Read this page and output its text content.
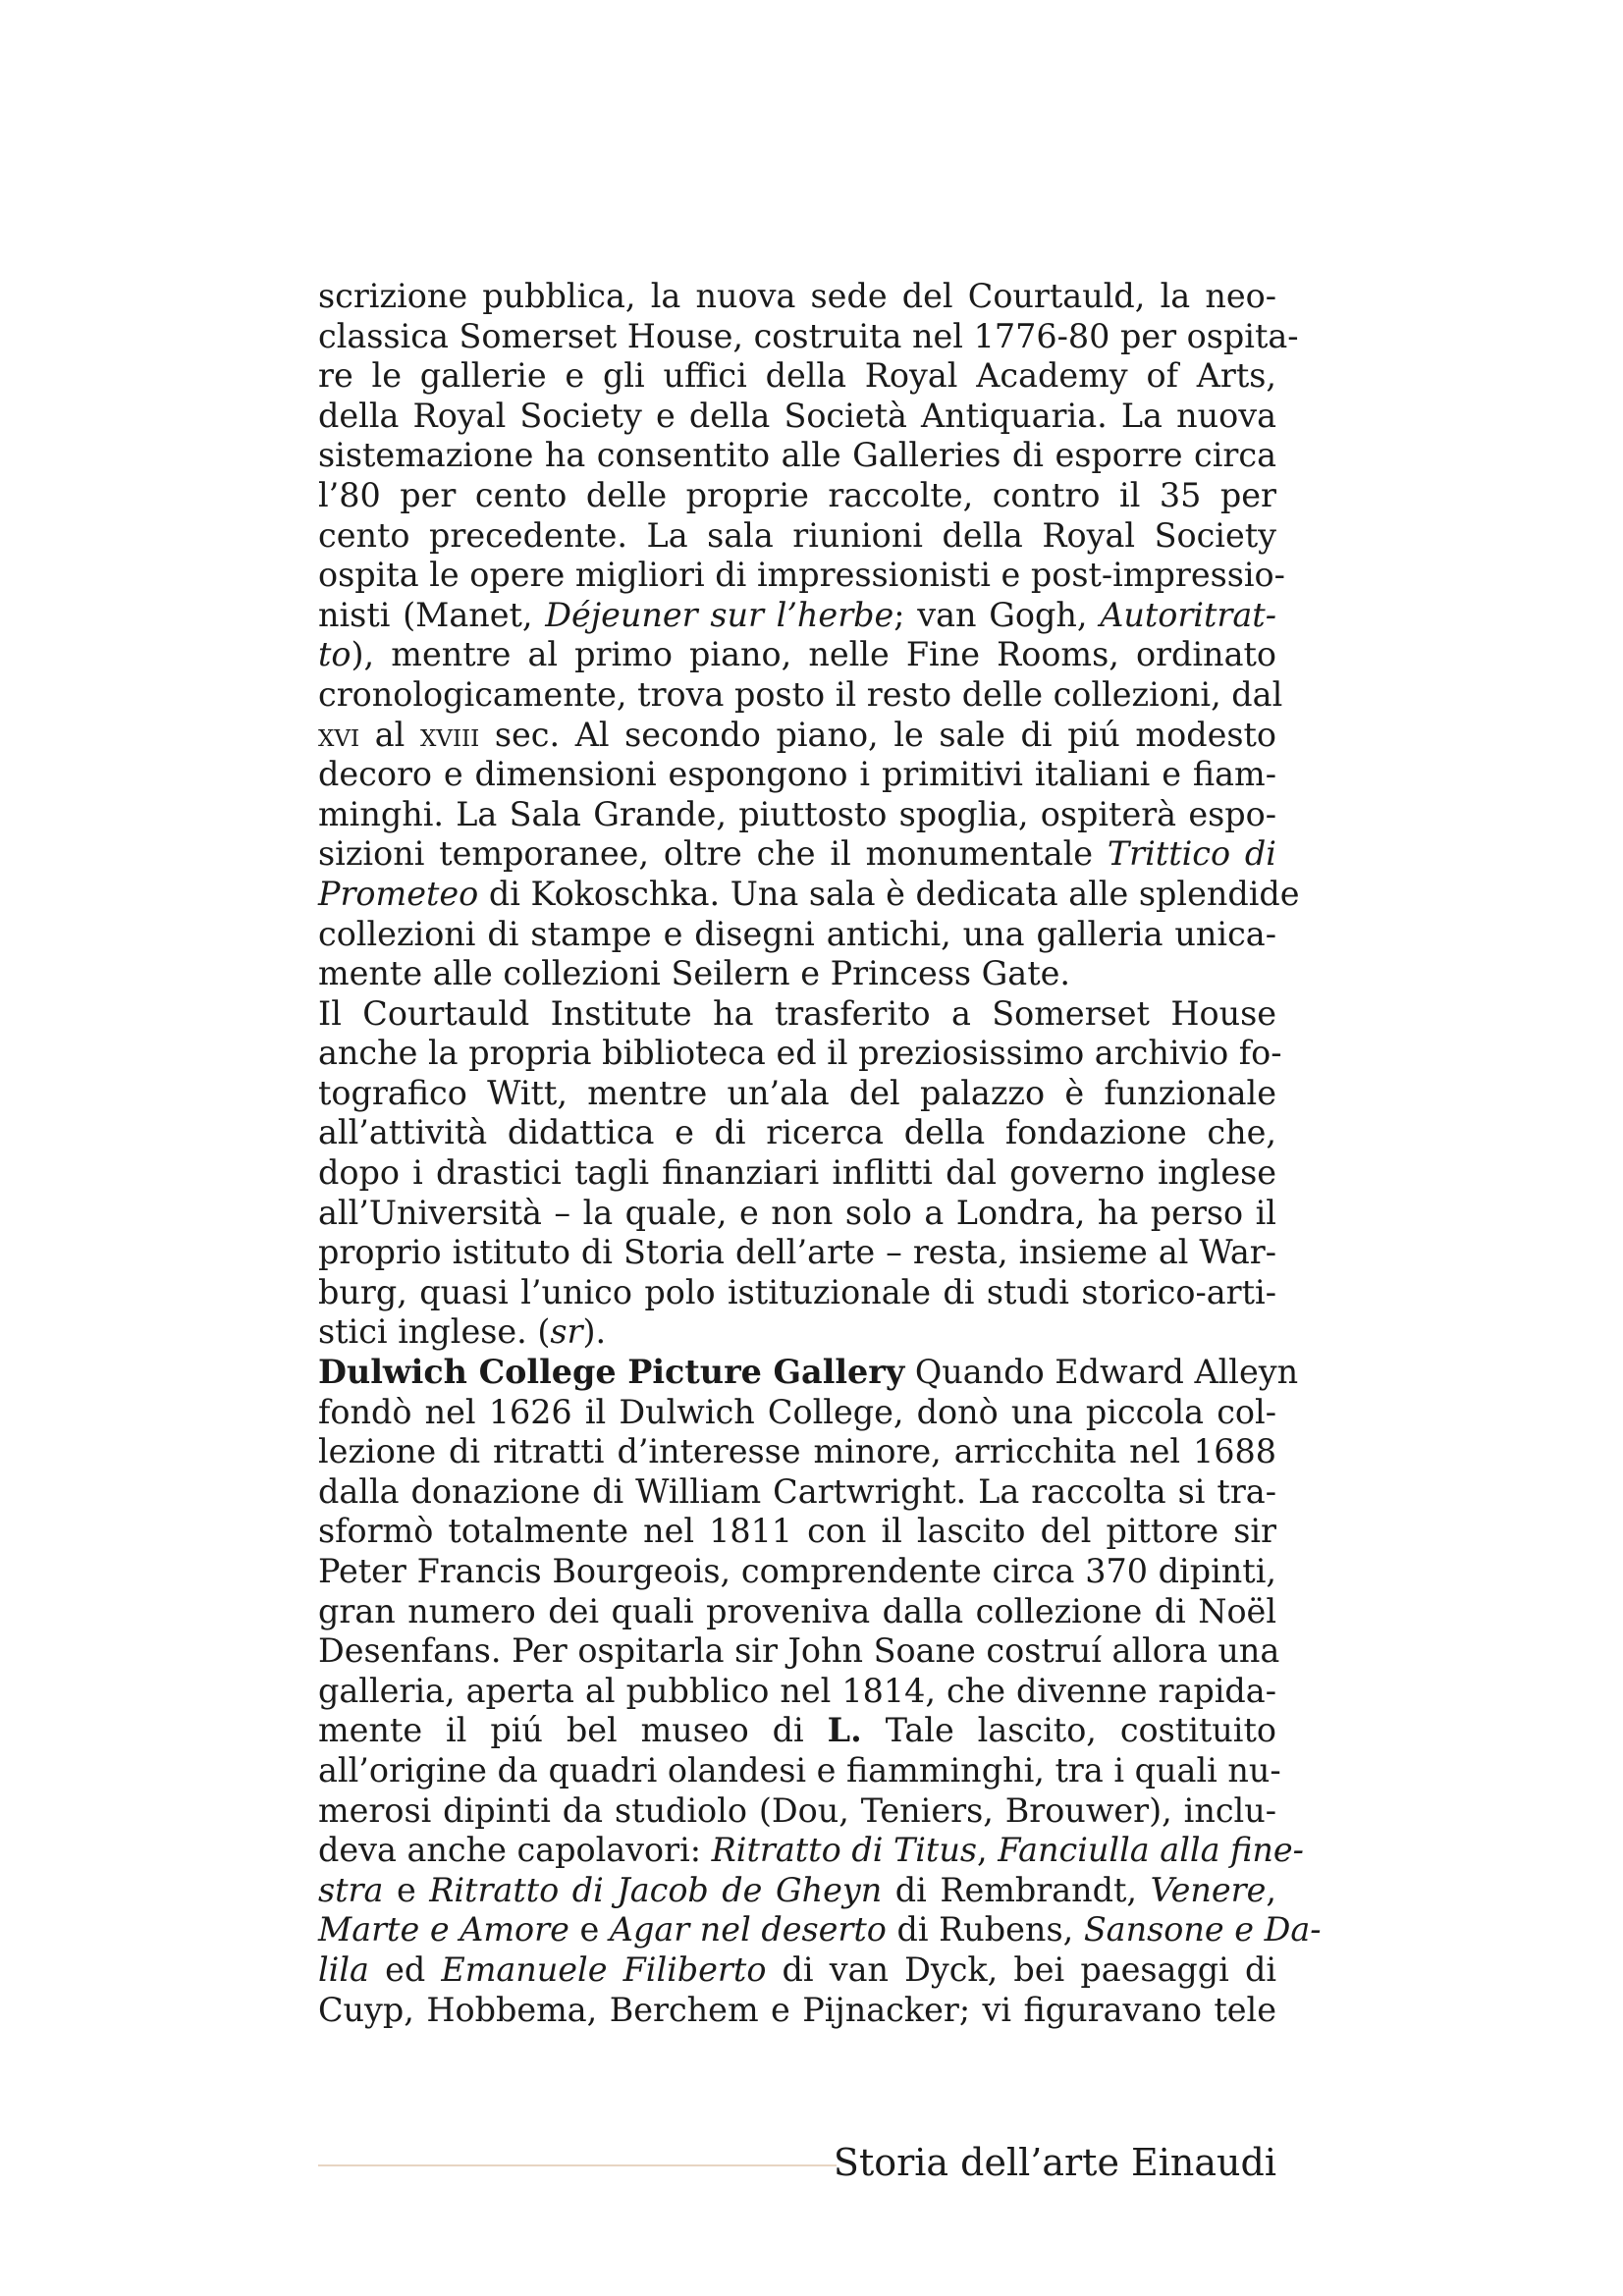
scrizione pubblica, la nuova sede del Courtauld, la neo-
classica Somerset House, costruita nel 1776-80 per ospita-
re le gallerie e gli uffici della Royal Academy of Arts,
della Royal Society e della Società Antiquaria. La nuova
sistemazione ha consentito alle Galleries di esporre circa
l’80 per cento delle proprie raccolte, contro il 35 per
cento precedente. La sala riunioni della Royal Society
ospita le opere migliori di impressionisti e post-impressio-
nisti (Manet, Déjeuner sur l’herbe; van Gogh, Autoritrat-
to), mentre al primo piano, nelle Fine Rooms, ordinato
cronologicamente, trova posto il resto delle collezioni, dal
xvi al xviii sec. Al secondo piano, le sale di piú modesto
decoro e dimensioni espongono i primitivi italiani e fiam-
minghi. La Sala Grande, piuttosto spoglia, ospiterà espo-
sizioni temporanee, oltre che il monumentale Trittico di
Prometeo di Kokoschka. Una sala è dedicata alle splendide
collezioni di stampe e disegni antichi, una galleria unica-
mente alle collezioni Seilern e Princess Gate.
Il Courtauld Institute ha trasferito a Somerset House
anche la propria biblioteca ed il preziosissimo archivio fo-
tografico Witt, mentre un’ala del palazzo è funzionale
all’attività didattica e di ricerca della fondazione che,
dopo i drastici tagli finanziari inflitti dal governo inglese
all’Università – la quale, e non solo a Londra, ha perso il
proprio istituto di Storia dell’arte – resta, insieme al War-
burg, quasi l’unico polo istituzionale di studi storico-arti-
stici inglese. (sr).
Dulwich College Picture Gallery Quando Edward Alleyn
fondò nel 1626 il Dulwich College, donò una piccola col-
lezione di ritratti d’interesse minore, arricchita nel 1688
dalla donazione di William Cartwright. La raccolta si tra-
sformò totalmente nel 1811 con il lascito del pittore sir
Peter Francis Bourgeois, comprendente circa 370 dipinti,
gran numero dei quali proveniva dalla collezione di Noël
Desenfans. Per ospitarla sir John Soane costruí allora una
galleria, aperta al pubblico nel 1814, che divenne rapida-
mente il piú bel museo di L. Tale lascito, costituito
all’origine da quadri olandesi e fiamminghi, tra i quali nu-
merosi dipinti da studiolo (Dou, Teniers, Brouwer), inclu-
deva anche capolavori: Ritratto di Titus, Fanciulla alla fine-
stra e Ritratto di Jacob de Gheyn di Rembrandt, Venere,
Marte e Amore e Agar nel deserto di Rubens, Sansone e Da-
lila ed Emanuele Filiberto di van Dyck, bei paesaggi di
Cuyp, Hobbema, Berchem e Pijnacker; vi figuravano tele
Storia dell’arte Einaudi
